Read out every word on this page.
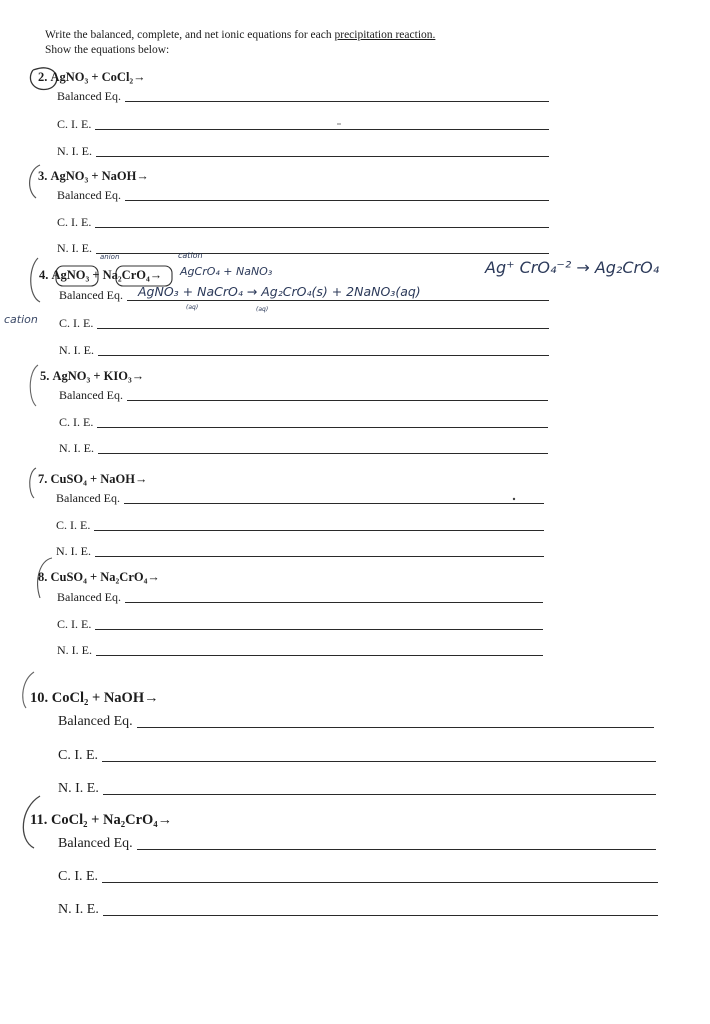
Write the balanced, complete, and net ionic equations for each precipitation reaction.
Show the equations below:
2. AgNO₃ + CoCl₂→
Balanced Eq.
C. I. E.
N. I. E.
3. AgNO₃ + NaOH→
Balanced Eq.
C. I. E.
N. I. E.
4. AgNO₃ + Na₂CrO₄→
Balanced Eq.
C. I. E.
N. I. E.
anion	cation
AgCrO₄ + NaNO₃
AgNO₃ + NaCrO₄ → Ag₂CrO₄(s) + 2NaNO₃(aq)
(aq)	(aq)
Ag⁺ CrO₄⁻² → Ag₂CrO₄
cation
5. AgNO₃ + KIO₃→
Balanced Eq.
C. I. E.
N. I. E.
7. CuSO₄ + NaOH→
Balanced Eq.
C. I. E.
N. I. E.
8. CuSO₄ + Na₂CrO₄→
Balanced Eq.
C. I. E.
N. I. E.
10. CoCl₂ + NaOH→
Balanced Eq.
C. I. E.
N. I. E.
11. CoCl₂ + Na₂CrO₄→
Balanced Eq.
C. I. E.
N. I. E.
